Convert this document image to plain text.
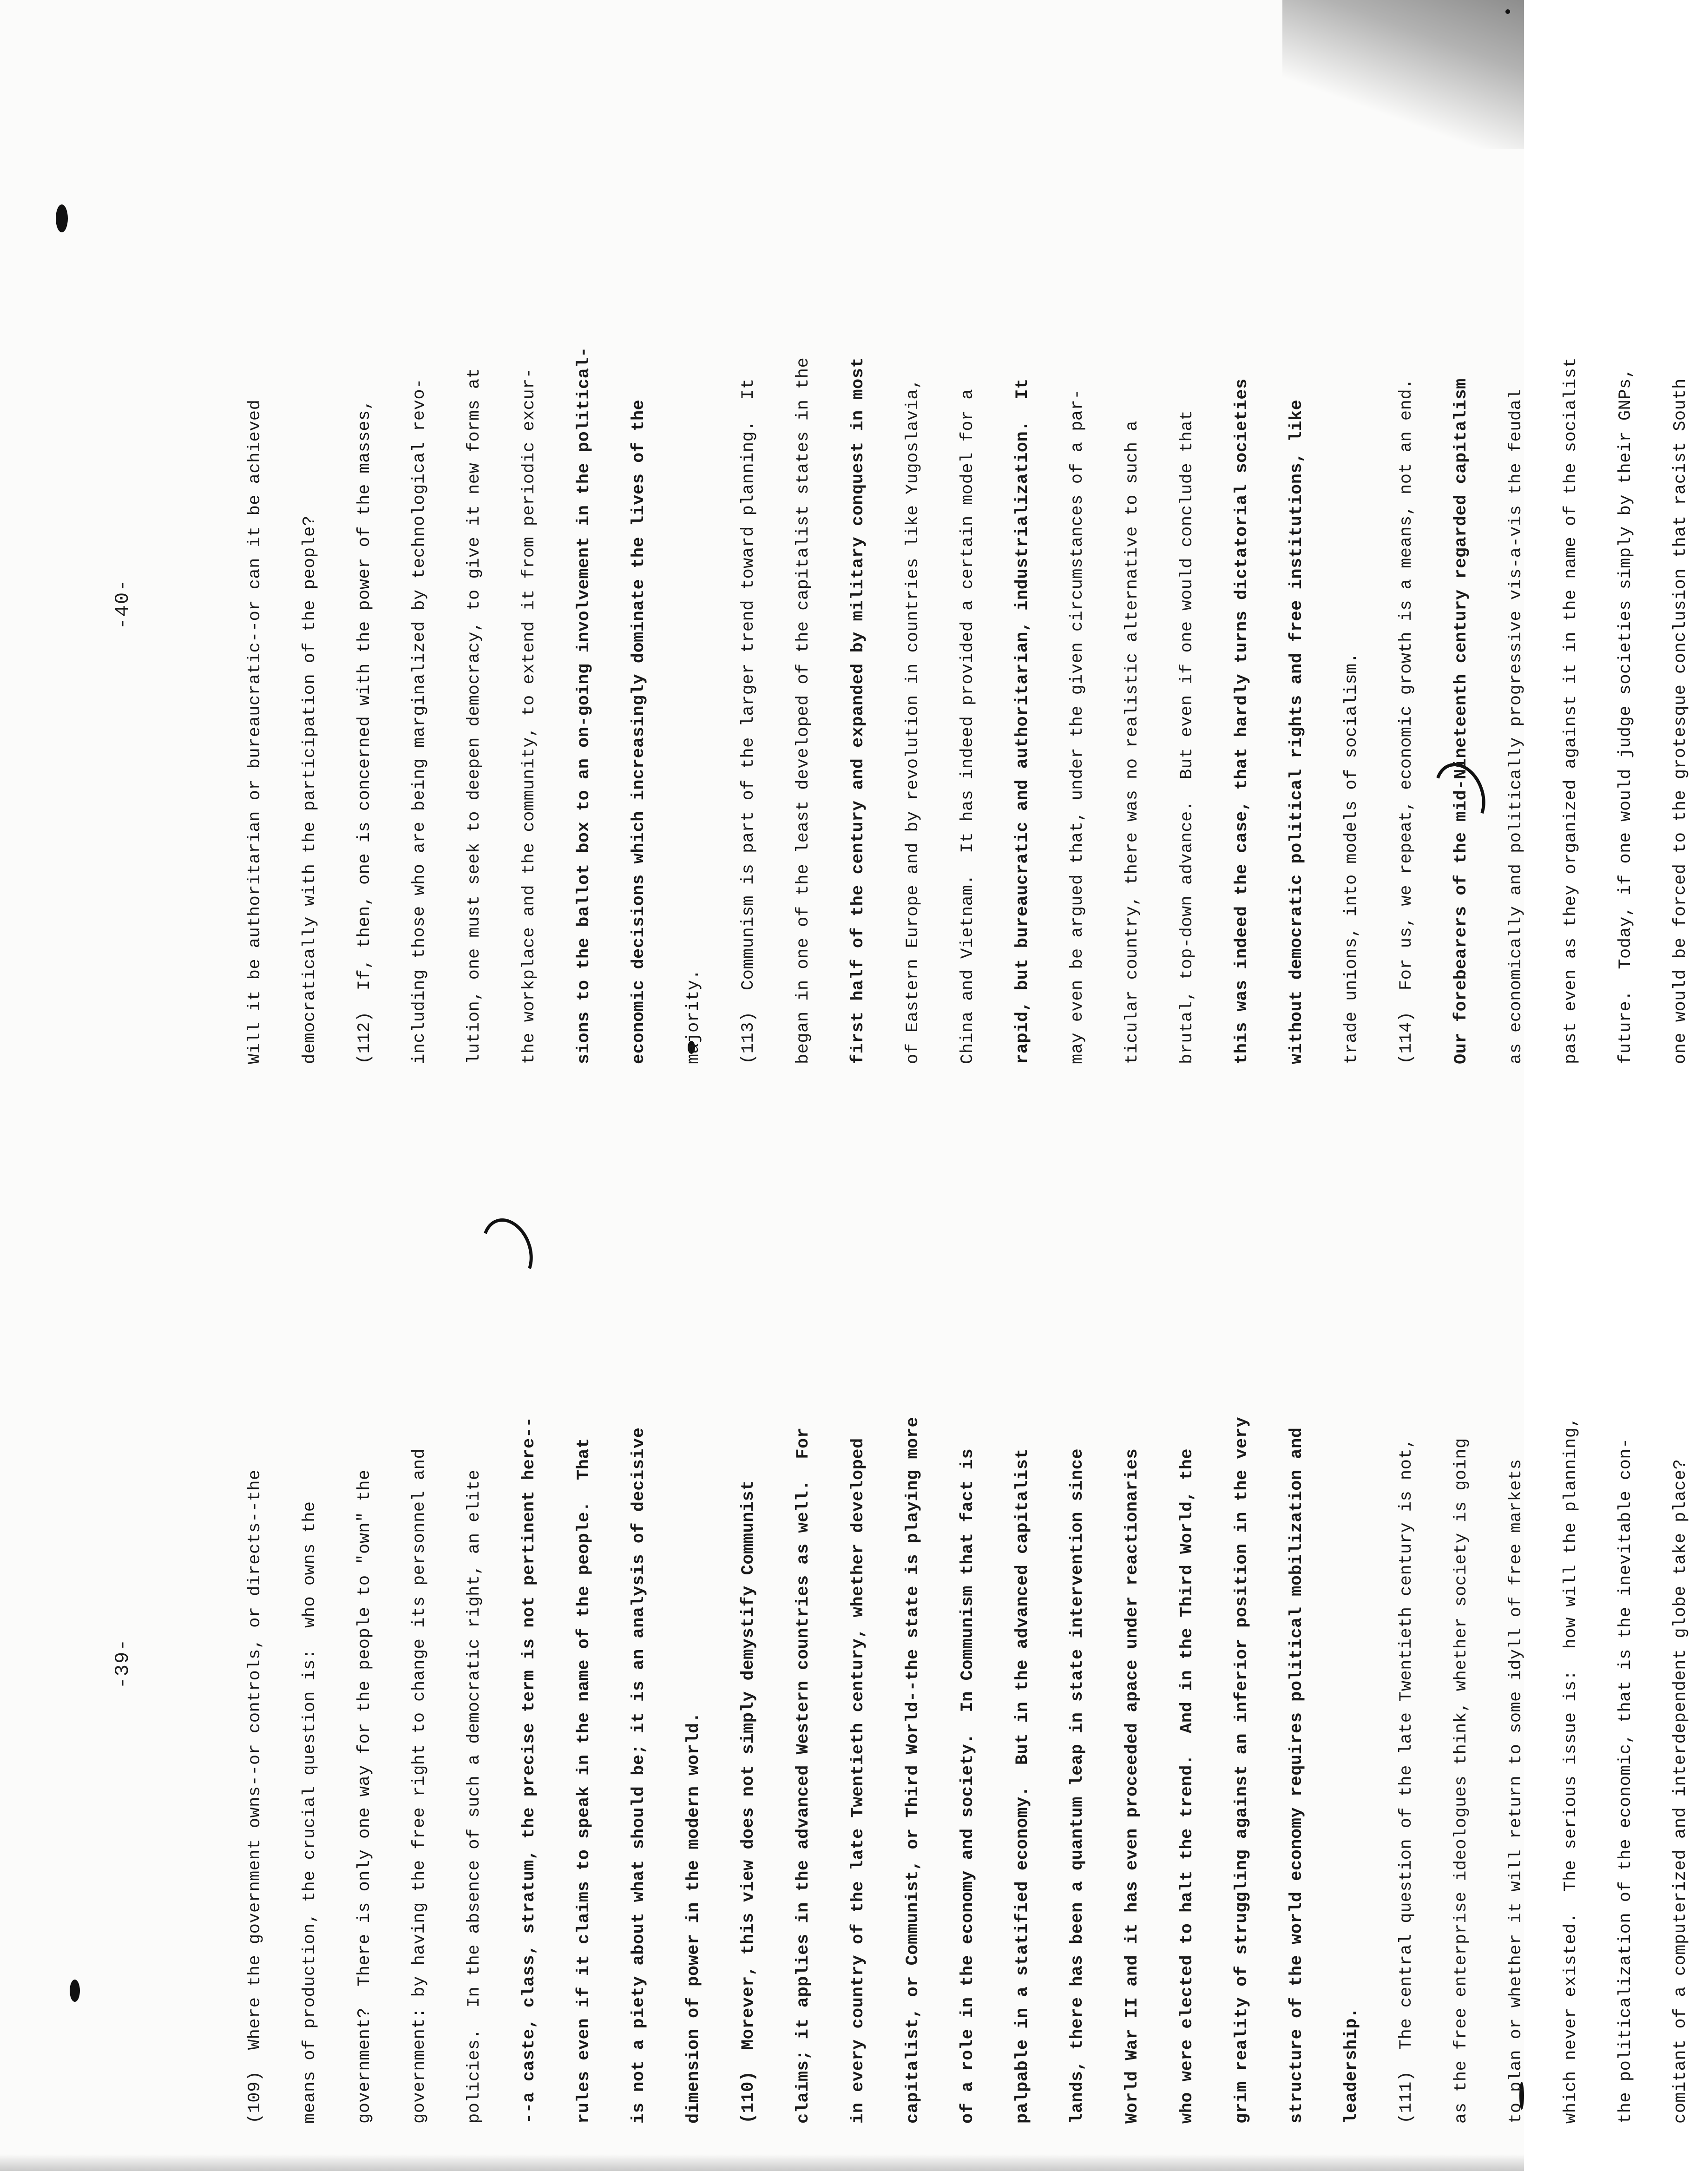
-39-	(109)  Where the government owns--or controls, or directs--the	means of production, the crucial question is:  who owns the	government?  There is only one way for the people to "own" the	government: by having the free right to change its personnel and	policies.  In the absence of such a democratic right, an elite	--a caste, class, stratum, the precise term is not pertinent here--	rules even if it claims to speak in the name of the people.  That	is not a piety about what should be; it is an analysis of decisive	dimension of power in the modern world.	(110)  Morever, this view does not simply demystify Communist	claims; it applies in the advanced Western countries as well.  For	in every country of the late Twentieth century, whether developed	capitalist, or Communist, or Third World--the state is playing more	of a role in the economy and society.  In Communism that fact is	palpable in a statified economy.  But in the advanced capitalist	lands, there has been a quantum leap in state intervention since	World War II and it has even proceeded apace under reactionaries	who were elected to halt the trend.  And in the Third World, the	grim reality of struggling against an inferior position in the very	structure of the world economy requires political mobilization and	leadership.	(111)  The central question of the late Twentieth century is not,	as the free enterprise ideologues think, whether society is going	to plan or whether it will return to some idyll of free markets	which never existed.  The serious issue is:  how will the planning,	the politicalization of the economic, that is the inevitable con-	comitant of a computerized and interdependent globe take place?
-40-	Will it be authoritarian or bureaucratic--or can it be achieved	democratically with the participation of the people?	(112)  If, then, one is concerned with the power of the masses,	including those who are being marginalized by technological revo-	lution, one must seek to deepen democracy, to give it new forms at	the workplace and the community, to extend it from periodic excur-	sions to the ballot box to an on-going involvement in the political-	economic decisions which increasingly dominate the lives of the	majority.	(113)  Communism is part of the larger trend toward planning.  It	began in one of the least developed of the capitalist states in the	first half of the century and expanded by military conquest in most	of Eastern Europe and by revolution in countries like Yugoslavia,	China and Vietnam.  It has indeed provided a certain model for a	rapid, but bureaucratic and authoritarian, industrialization.  It	may even be argued that, under the given circumstances of a par-	ticular country, there was no realistic alternative to such a	brutal, top-down advance.  But even if one would conclude that	this was indeed the case, that hardly turns dictatorial societies	without democratic political rights and free institutions, like	trade unions, into models of socialism.	(114)  For us, we repeat, economic growth is a means, not an end.	Our forebearers of the mid-Nineteenth century regarded capitalism	as economically and politically progressive vis-a-vis the feudal	past even as they organized against it in the name of the socialist	future.  Today, if one would judge societies simply by their GNPs,	one would be forced to the grotesque conclusion that racist South
